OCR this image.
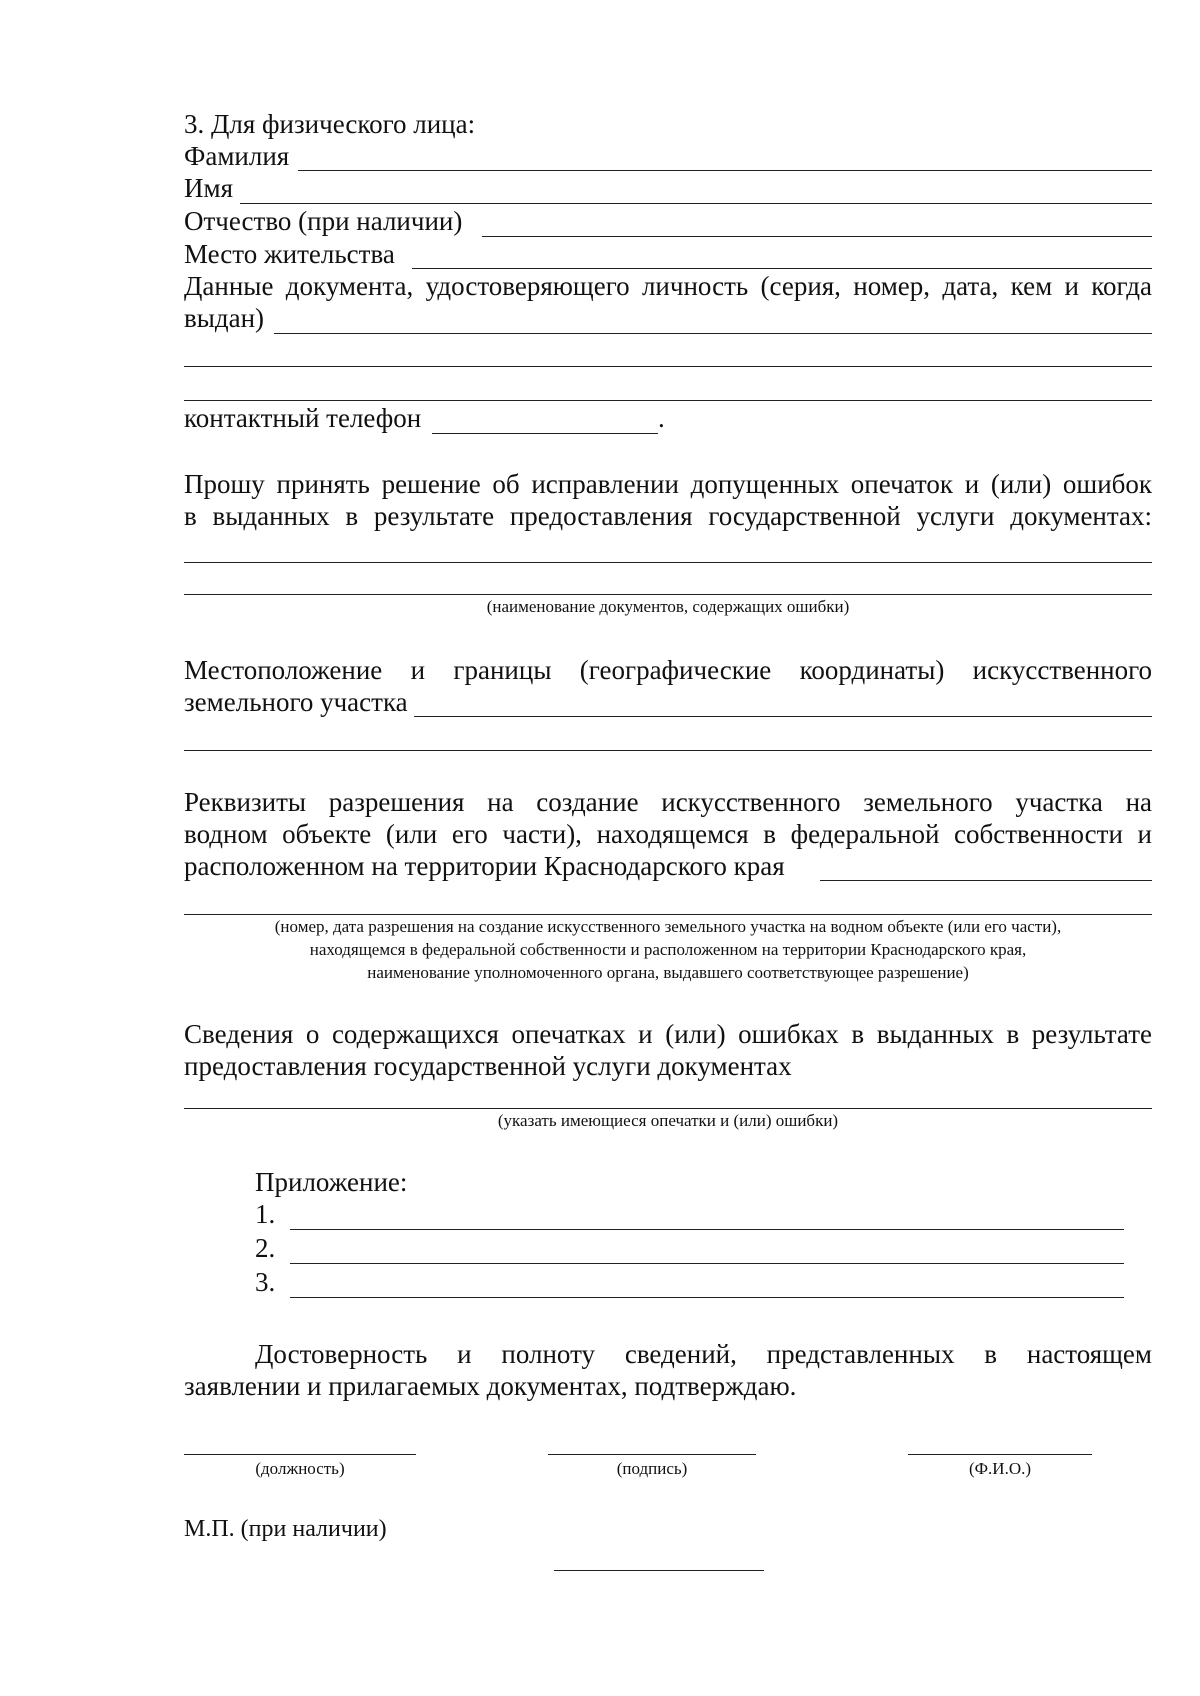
3. Для физического лица:
Фамилия
Имя
Отчество (при наличии)
Место жительства
Данные документа, удостоверяющего личность (серия, номер, дата, кем и когда
выдан)
контактный телефон	.
Прошу принять решение об исправлении допущенных опечаток и (или) ошибок
в выданных в результате предоставления государственной услуги документах:
(наименование документов, содержащих ошибки)
Местоположение и границы (географические координаты) искусственного
земельного участка
Реквизиты разрешения на создание искусственного земельного участка на
водном объекте (или его части), находящемся в федеральной собственности и
расположенном на территории Краснодарского края
(номер, дата разрешения на создание искусственного земельного участка на водном объекте (или его части),
находящемся в федеральной собственности и расположенном на территории Краснодарского края,
наименование уполномоченного органа, выдавшего соответствующее разрешение)
Сведения о содержащихся опечатках и (или) ошибках в выданных в результате
предоставления государственной услуги документах
(указать имеющиеся опечатки и (или) ошибки)
Приложение:
1.
2.
3.
Достоверность и полноту сведений, представленных в настоящем
заявлении и прилагаемых документах, подтверждаю.
(должность)	(подпись)	(Ф.И.О.)
М.П. (при наличии)
